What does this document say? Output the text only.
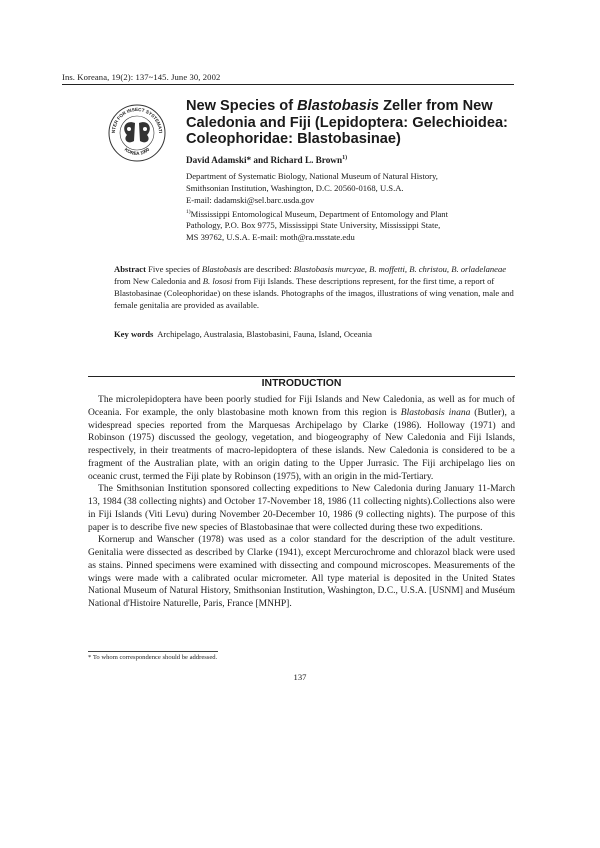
Ins. Koreana, 19(2): 137~145. June 30, 2002
NTER FOR INSECT SYSTEMATI
KOREA 1990
New Species of Blastobasis Zeller from New Caledonia and Fiji (Lepidoptera: Gelechioidea: Coleophoridae: Blastobasinae)
David Adamski* and Richard L. Brown$^{1)}$

Department of Systematic Biology, National Museum of Natural History,

Smithsonian Institution, Washington, D.C. 20560-0168, U.S.A.

E-mail: dadamski@sel.barc.usda.gov

$^{1)}$Mississippi Entomological Museum, Department of Entomology and Plant

Pathology, P.O. Box 9775, Mississippi State University, Mississippi State,

MS 39762, U.S.A. E-mail: moth@ra.msstate.edu

Abstract Five species of Blastobasis are described: Blastobasis murcyae, B. moffetti, B. christou, B. orladelaneae from New Caledonia and B. lososi from Fiji Islands. These descriptions represent, for the first time, a report of Blastobasinae (Coleophoridae) on these islands. Photographs of the imagos, illustrations of wing venation, male and female genitalia are provided as available.

Key words  Archipelago, Australasia, Blastobasini, Fauna, Island, Oceania
INTRODUCTION

The microlepidoptera have been poorly studied for Fiji Islands and New Caledonia, as well as for much of Oceania. For example, the only blastobasine moth known from this region is Blastobasis inana (Butler), a widespread species reported from the Marquesas Archipelago by Clarke (1986). Holloway (1971) and Robinson (1975) discussed the geology, vegetation, and biogeography of New Caledonia and Fiji Islands, respectively, in their treatments of macro-lepidoptera of these islands. New Caledonia is considered to be a fragment of the Australian plate, with an origin dating to the Upper Jurrasic. The Fiji archipelago lies on oceanic crust, termed the Fiji plate by Robinson (1975), with an origin in the mid-Tertiary.

The Smithsonian Institution sponsored collecting expeditions to New Caledonia during January 11-March 13, 1984 (38 collecting nights) and October 17-November 18, 1986 (11 collecting nights).Collections also were in Fiji Islands (Viti Levu) during November 20-December 10, 1986 (9 collecting nights). The purpose of this paper is to describe five new species of Blastobasinae that were collected during these two expeditions.

Kornerup and Wanscher (1978) was used as a color standard for the description of the adult vestiture. Genitalia were dissected as described by Clarke (1941), except Mercurochrome and chlorazol black were used as stains. Pinned specimens were examined with dissecting and compound microscopes. Measurements of the wings were made with a calibrated ocular micrometer. All type material is deposited in the United States National Museum of Natural History, Smithsonian Institution, Washington, D.C., U.S.A. [USNM] and Muséum National d'Histoire Naturelle, Paris, France [MNHP].

* To whom correspondence should be addressed.
137
